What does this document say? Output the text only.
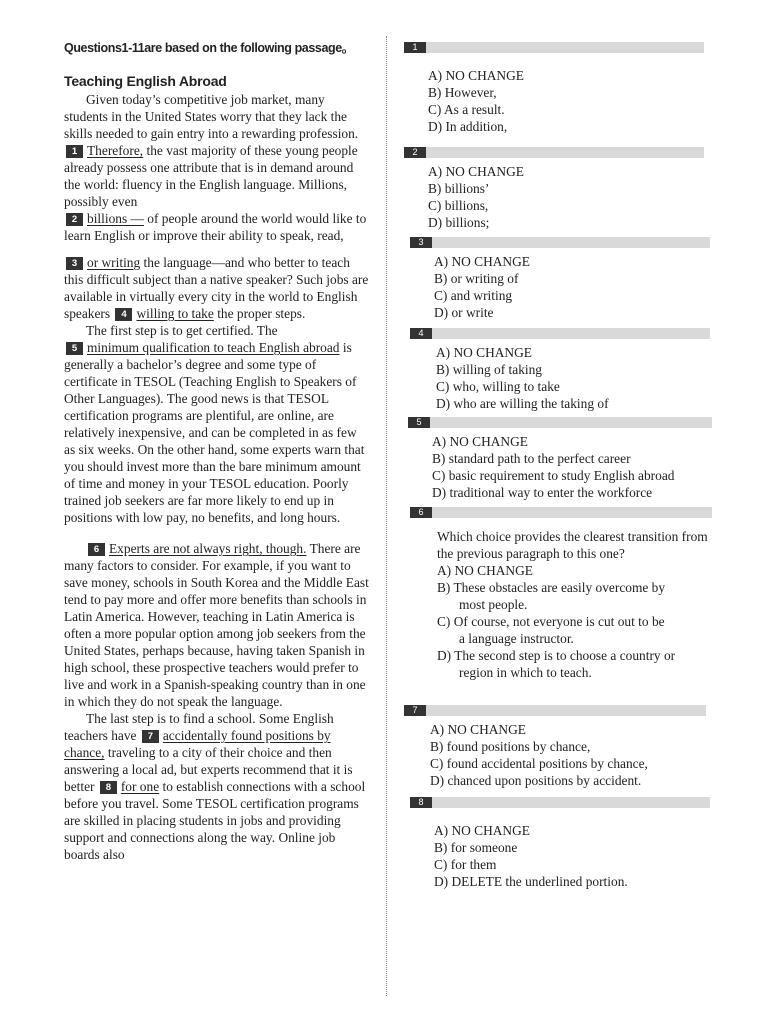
Questions1-11are based on the following passage。
Teaching English Abroad

Given today’s competitive job market, many students in the United States worry that they lack the skills needed to gain entry into a rewarding profession. 1 Therefore, the vast majority of these young people already possess one attribute that is in demand around the world: fluency in the English language. Millions, possibly even
2 billions — of people around the world would like to learn English or improve their ability to speak, read,

3 or writing the language—and who better to teach this difficult subject than a native speaker? Such jobs are available in virtually every city in the world to English speakers 4 willing to take the proper steps.

The first step is to get certified. The
5 minimum qualification to teach English abroad is generally a bachelor’s degree and some type of certificate in TESOL (Teaching English to Speakers of Other Languages). The good news is that TESOL certification programs are plentiful, are online, are relatively inexpensive, and can be completed in as few as six weeks. On the other hand, some experts warn that you should invest more than the bare minimum amount of time and money in your TESOL education. Poorly trained job seekers are far more likely to end up in positions with low pay, no benefits, and long hours.

6 Experts are not always right, though. There are many factors to consider. For example, if you want to save money, schools in South Korea and the Middle East tend to pay more and offer more benefits than schools in Latin America. However, teaching in Latin America is often a more popular option among job seekers from the United States, perhaps because, having taken Spanish in high school, these prospective teachers would prefer to live and work in a Spanish-speaking country than in one in which they do not speak the language.

The last step is to find a school. Some English teachers have 7 accidentally found positions by chance, traveling to a city of their choice and then answering a local ad, but experts recommend that it is better 8 for one to establish connections with a school before you travel. Some TESOL certification programs are skilled in placing students in jobs and providing support and connections along the way. Online job boards also

1
A) NO CHANGE
B) However,
C) As a result.
D) In addition,
2
A) NO CHANGE
B) billions’
C) billions,
D) billions;
3
A) NO CHANGE
B) or writing of
C) and writing
D) or write
4
A) NO CHANGE
B) willing of taking
C) who, willing to take
D) who are willing the taking of
5
A) NO CHANGE
B) standard path to the perfect career
C) basic requirement to study English abroad
D) traditional way to enter the workforce
6
Which choice provides the clearest transition from the previous paragraph to this one?
A) NO CHANGE
B) These obstacles are easily overcome by
most people.
C) Of course, not everyone is cut out to be
a language instructor.
D) The second step is to choose a country or
region in which to teach.
7
A) NO CHANGE
B) found positions by chance,
C) found accidental positions by chance,
D) chanced upon positions by accident.
8
A) NO CHANGE
B) for someone
C) for them
D) DELETE the underlined portion.
